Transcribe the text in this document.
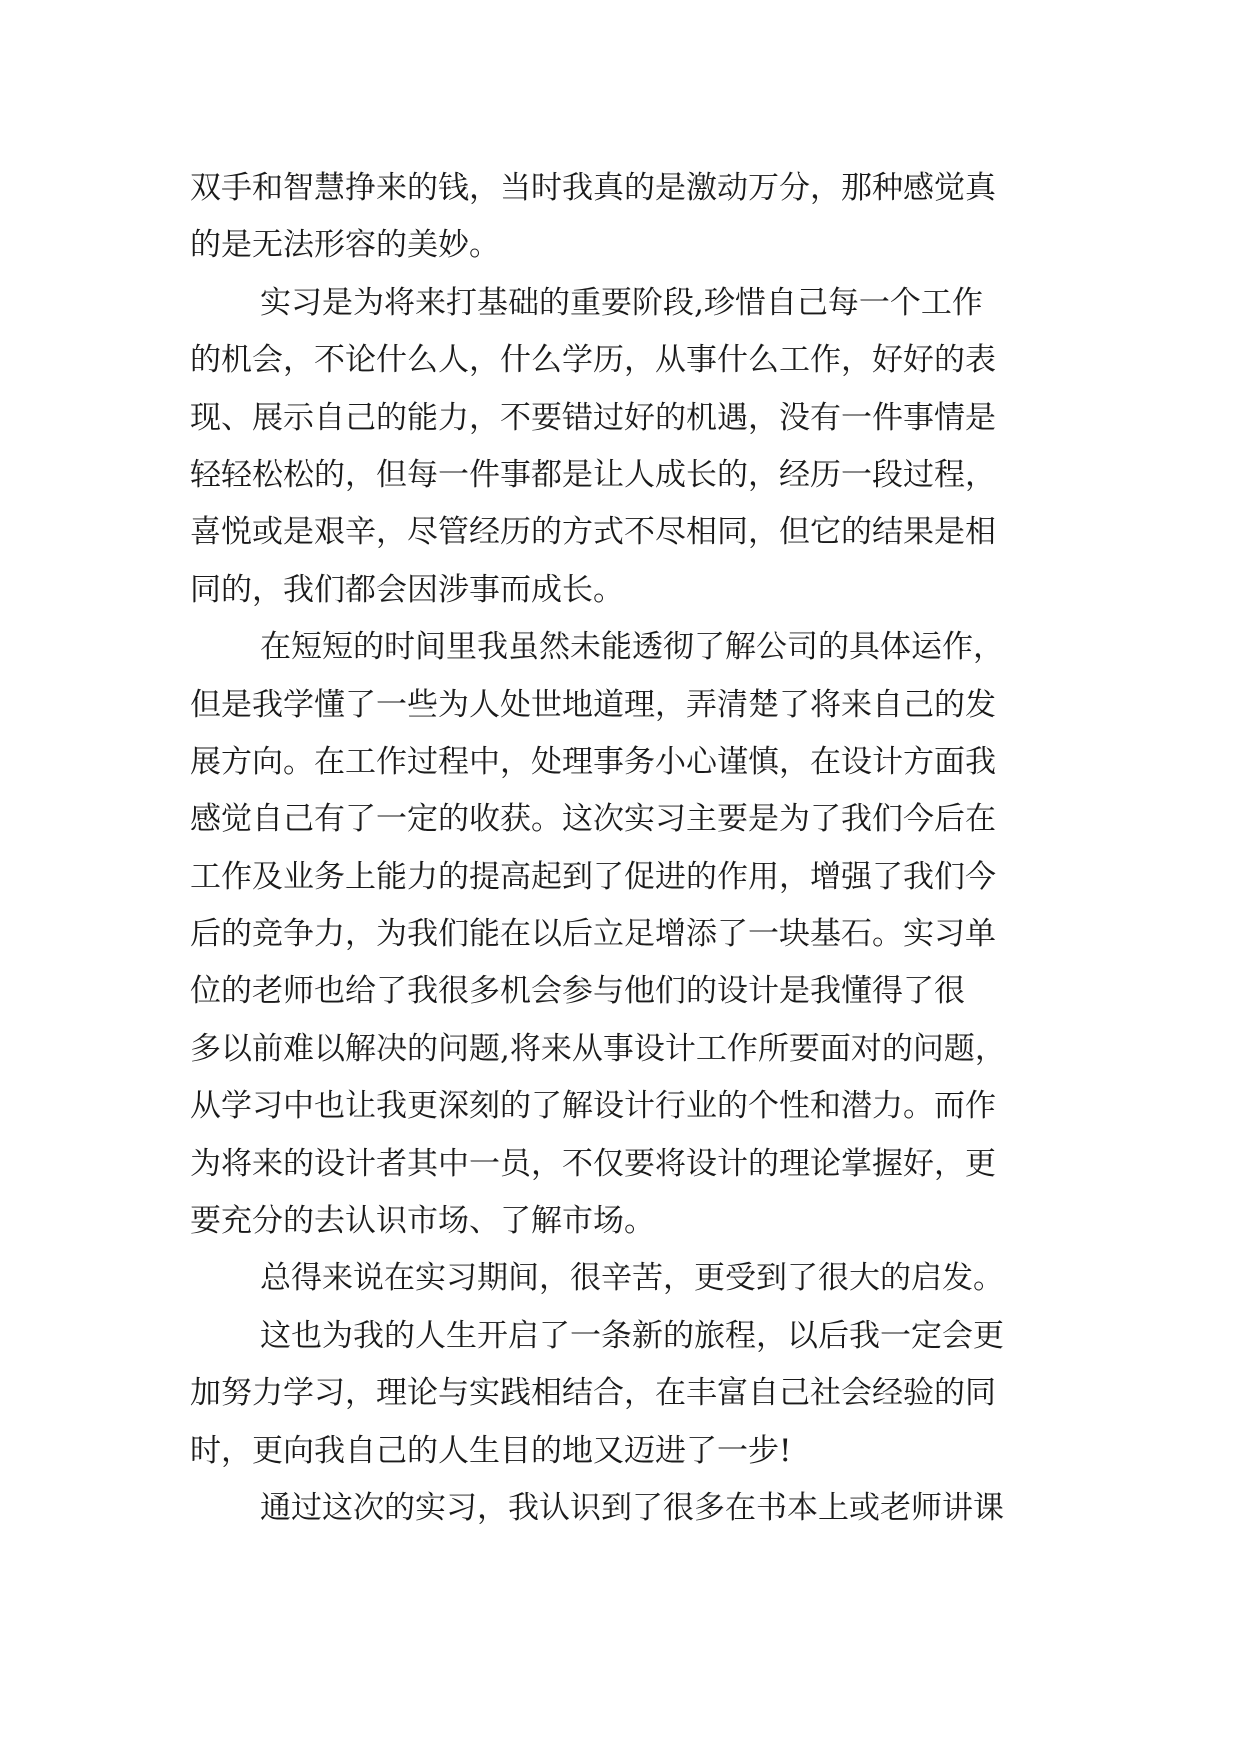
双手和智慧挣来的钱，当时我真的是激动万分，那种感觉真
的是无法形容的美妙。
实习是为将来打基础的重要阶段,珍惜自己每一个工作
的机会，不论什么人，什么学历，从事什么工作，好好的表
现、展示自己的能力，不要错过好的机遇，没有一件事情是
轻轻松松的，但每一件事都是让人成长的，经历一段过程，
喜悦或是艰辛，尽管经历的方式不尽相同，但它的结果是相
同的，我们都会因涉事而成长。
在短短的时间里我虽然未能透彻了解公司的具体运作，
但是我学懂了一些为人处世地道理，弄清楚了将来自己的发
展方向。在工作过程中，处理事务小心谨慎，在设计方面我
感觉自己有了一定的收获。这次实习主要是为了我们今后在
工作及业务上能力的提高起到了促进的作用，增强了我们今
后的竞争力，为我们能在以后立足增添了一块基石。实习单
位的老师也给了我很多机会参与他们的设计是我懂得了很
多以前难以解决的问题,将来从事设计工作所要面对的问题，
从学习中也让我更深刻的了解设计行业的个性和潜力。而作
为将来的设计者其中一员，不仅要将设计的理论掌握好，更
要充分的去认识市场、了解市场。
总得来说在实习期间，很辛苦，更受到了很大的启发。
这也为我的人生开启了一条新的旅程，以后我一定会更
加努力学习，理论与实践相结合，在丰富自己社会经验的同
时，更向我自己的人生目的地又迈进了一步!
通过这次的实习，我认识到了很多在书本上或老师讲课
